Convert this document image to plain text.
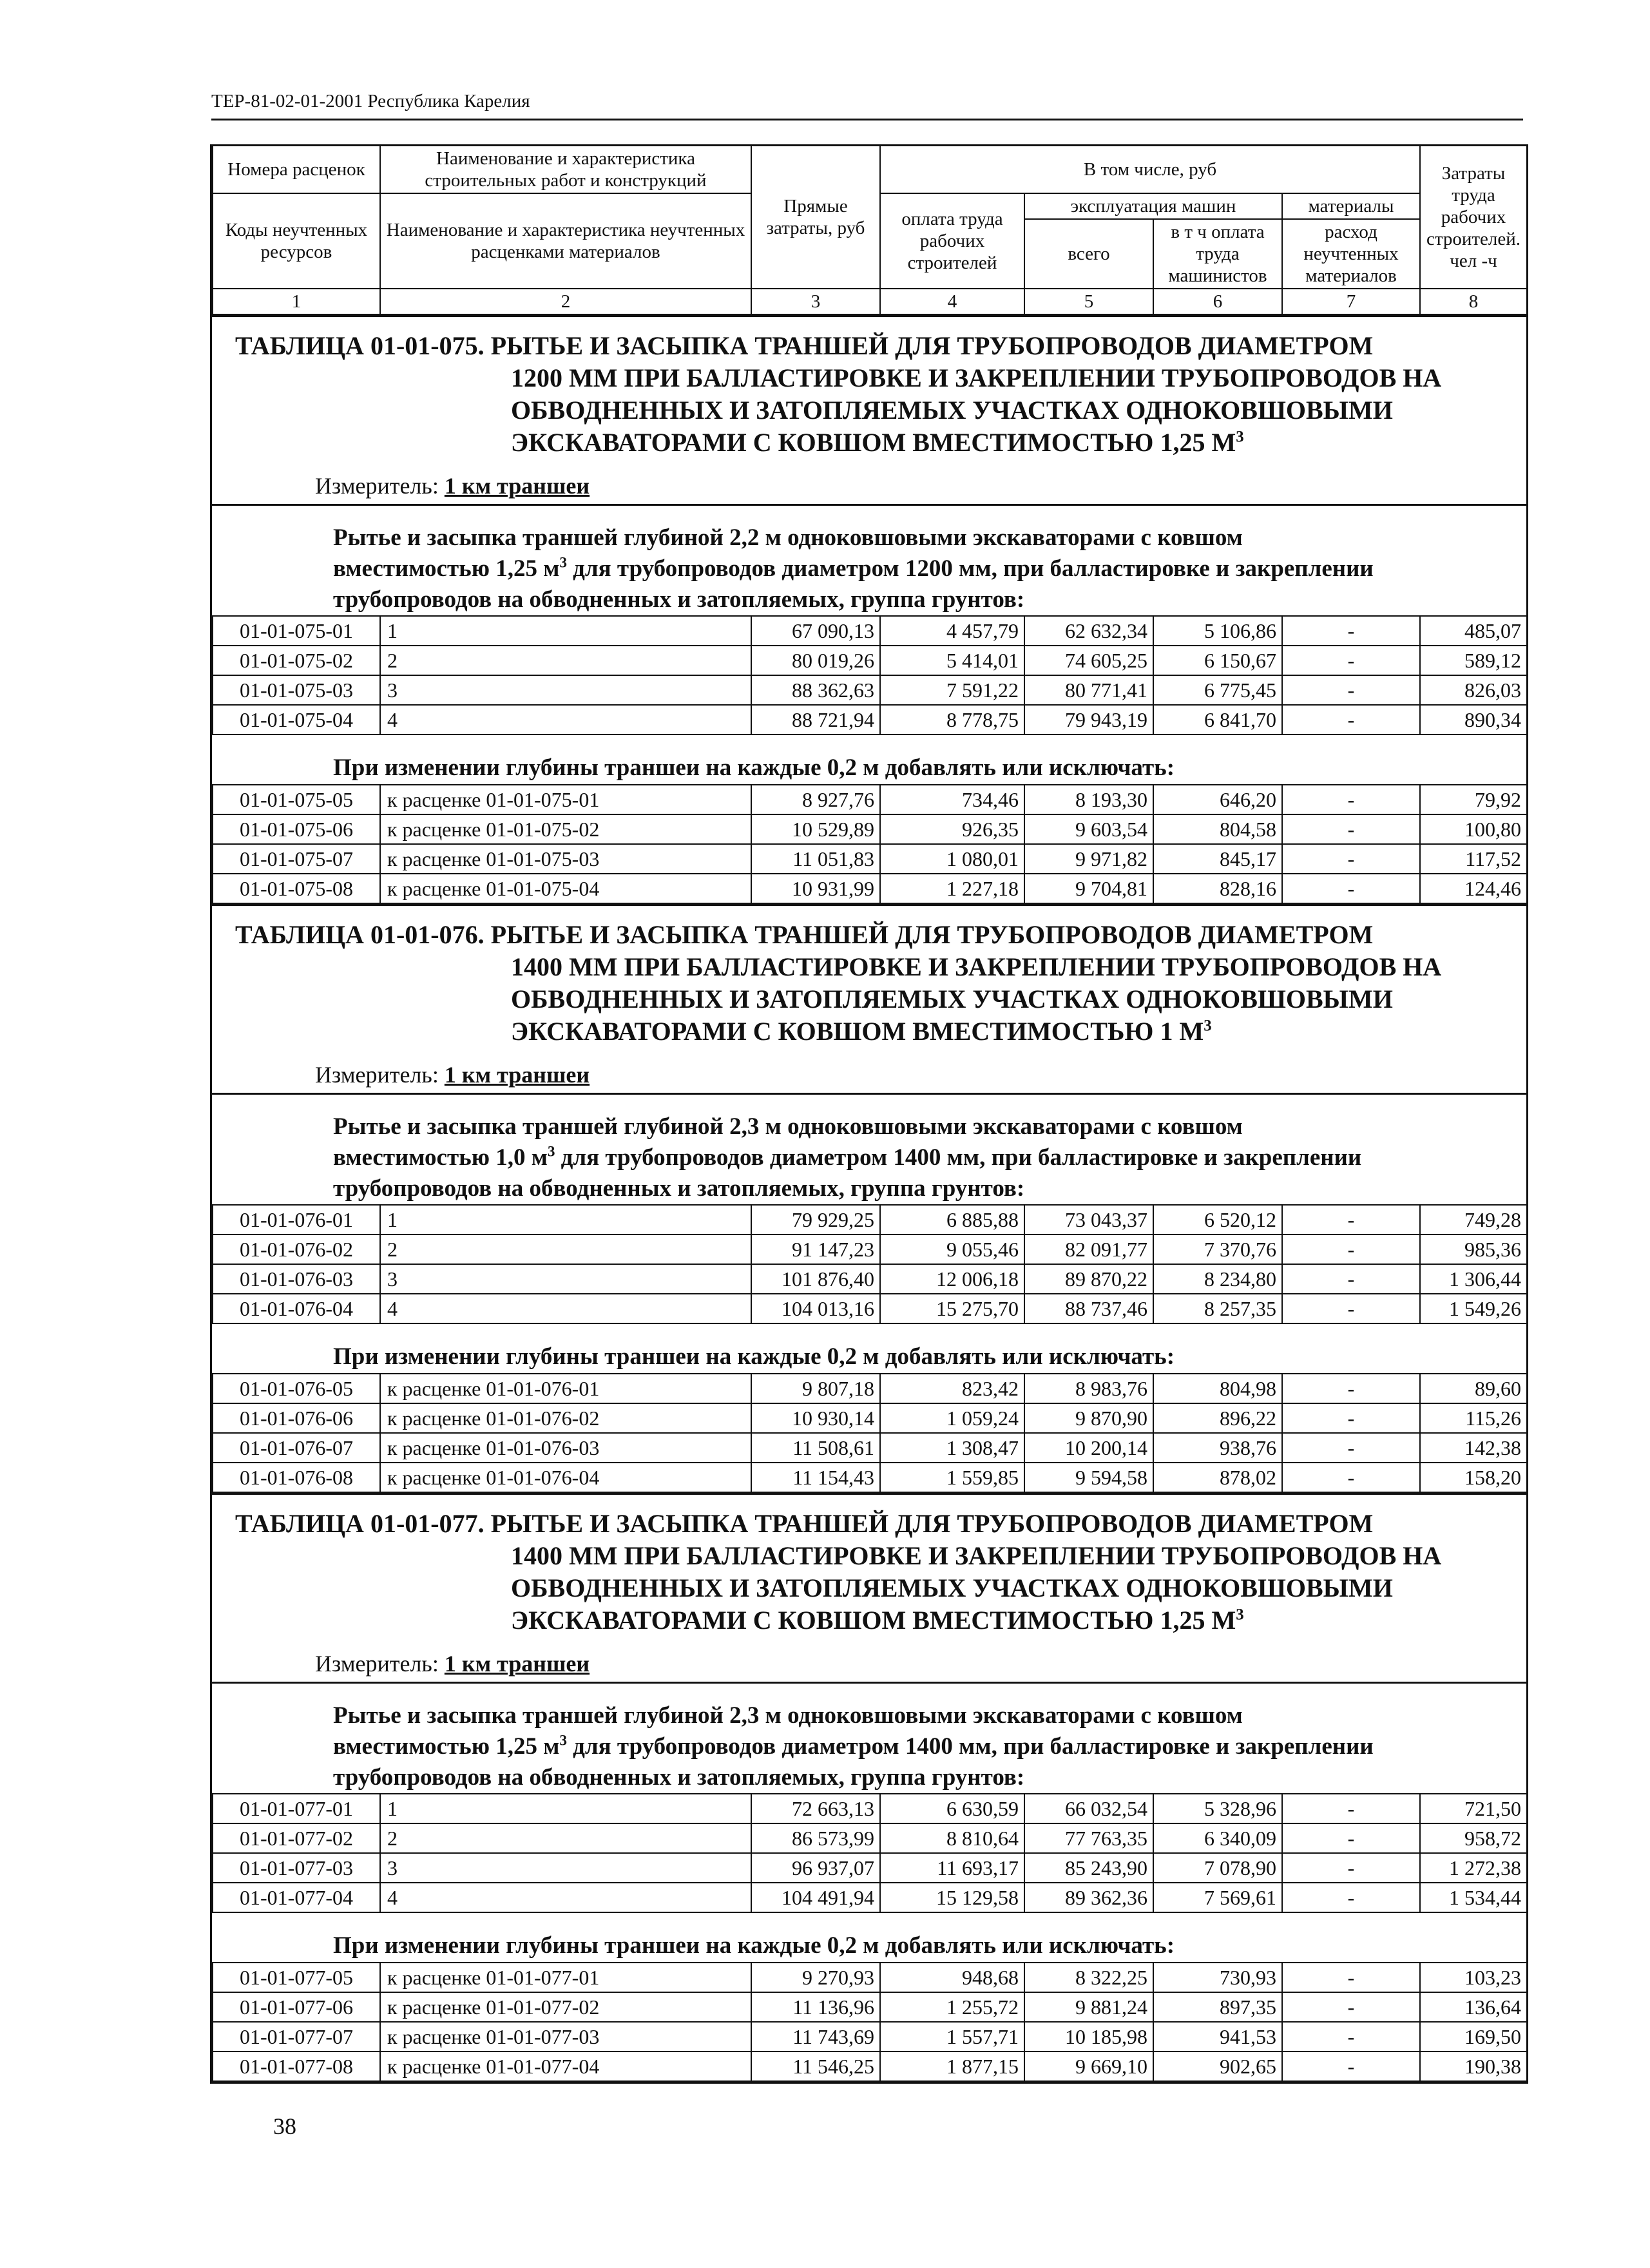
ТЕР-81-02-01-2001 Республика Карелия
Номера расценок	Наименование и характеристика строительных работ и конструкций	Прямые затраты, руб	В том числе, руб				Затраты труда рабочих строителей. чел -ч
Коды неучтенных ресурсов	Наименование и характеристика неучтенных расценками материалов		оплата труда рабочих строителей	эксплуатация машин		материалы	
				всего	в т ч оплата труда машинистов	расход неучтенных материалов	
1	2	3	4	5	6	7	8
ТАБЛИЦА 01-01-075. РЫТЬЕ И ЗАСЫПКА ТРАНШЕЙ ДЛЯ ТРУБОПРОВОДОВ ДИАМЕТРОМ
1200 ММ ПРИ БАЛЛАСТИРОВКЕ И ЗАКРЕПЛЕНИИ ТРУБОПРОВОДОВ НА
ОБВОДНЕННЫХ И ЗАТОПЛЯЕМЫХ УЧАСТКАХ ОДНОКОВШОВЫМИ
ЭКСКАВАТОРАМИ С КОВШОМ ВМЕСТИМОСТЬЮ 1,25 $М^3$
Измеритель: 1 км траншеи
Рытье и засыпка траншей глубиной 2,2 м одноковшовыми экскаваторами с ковшом
вместимостью 1,25 $м^3$ для трубопроводов диаметром 1200 мм, при балластировке и закреплении
трубопроводов на обводненных и затопляемых, группа грунтов:
01-01-075-01	1	67 090,13	4 457,79	62 632,34	5 106,86	-	485,07
01-01-075-02	2	80 019,26	5 414,01	74 605,25	6 150,67	-	589,12
01-01-075-03	3	88 362,63	7 591,22	80 771,41	6 775,45	-	826,03
01-01-075-04	4	88 721,94	8 778,75	79 943,19	6 841,70	-	890,34
При изменении глубины траншеи на каждые 0,2 м добавлять или исключать:
01-01-075-05	к расценке 01-01-075-01	8 927,76	734,46	8 193,30	646,20	-	79,92
01-01-075-06	к расценке 01-01-075-02	10 529,89	926,35	9 603,54	804,58	-	100,80
01-01-075-07	к расценке 01-01-075-03	11 051,83	1 080,01	9 971,82	845,17	-	117,52
01-01-075-08	к расценке 01-01-075-04	10 931,99	1 227,18	9 704,81	828,16	-	124,46
ТАБЛИЦА 01-01-076. РЫТЬЕ И ЗАСЫПКА ТРАНШЕЙ ДЛЯ ТРУБОПРОВОДОВ ДИАМЕТРОМ
1400 ММ ПРИ БАЛЛАСТИРОВКЕ И ЗАКРЕПЛЕНИИ ТРУБОПРОВОДОВ НА
ОБВОДНЕННЫХ И ЗАТОПЛЯЕМЫХ УЧАСТКАХ ОДНОКОВШОВЫМИ
ЭКСКАВАТОРАМИ С КОВШОМ ВМЕСТИМОСТЬЮ 1 $М^3$
Измеритель: 1 км траншеи
Рытье и засыпка траншей глубиной 2,3 м одноковшовыми экскаваторами с ковшом
вместимостью 1,0 $м^3$ для трубопроводов диаметром 1400 мм, при балластировке и закреплении
трубопроводов на обводненных и затопляемых, группа грунтов:
01-01-076-01	1	79 929,25	6 885,88	73 043,37	6 520,12	-	749,28
01-01-076-02	2	91 147,23	9 055,46	82 091,77	7 370,76	-	985,36
01-01-076-03	3	101 876,40	12 006,18	89 870,22	8 234,80	-	1 306,44
01-01-076-04	4	104 013,16	15 275,70	88 737,46	8 257,35	-	1 549,26
При изменении глубины траншеи на каждые 0,2 м добавлять или исключать:
01-01-076-05	к расценке 01-01-076-01	9 807,18	823,42	8 983,76	804,98	-	89,60
01-01-076-06	к расценке 01-01-076-02	10 930,14	1 059,24	9 870,90	896,22	-	115,26
01-01-076-07	к расценке 01-01-076-03	11 508,61	1 308,47	10 200,14	938,76	-	142,38
01-01-076-08	к расценке 01-01-076-04	11 154,43	1 559,85	9 594,58	878,02	-	158,20
ТАБЛИЦА 01-01-077. РЫТЬЕ И ЗАСЫПКА ТРАНШЕЙ ДЛЯ ТРУБОПРОВОДОВ ДИАМЕТРОМ
1400 ММ ПРИ БАЛЛАСТИРОВКЕ И ЗАКРЕПЛЕНИИ ТРУБОПРОВОДОВ НА
ОБВОДНЕННЫХ И ЗАТОПЛЯЕМЫХ УЧАСТКАХ ОДНОКОВШОВЫМИ
ЭКСКАВАТОРАМИ С КОВШОМ ВМЕСТИМОСТЬЮ 1,25 $М^3$
Измеритель: 1 км траншеи
Рытье и засыпка траншей глубиной 2,3 м одноковшовыми экскаваторами с ковшом
вместимостью 1,25 $м^3$ для трубопроводов диаметром 1400 мм, при балластировке и закреплении
трубопроводов на обводненных и затопляемых, группа грунтов:
01-01-077-01	1	72 663,13	6 630,59	66 032,54	5 328,96	-	721,50
01-01-077-02	2	86 573,99	8 810,64	77 763,35	6 340,09	-	958,72
01-01-077-03	3	96 937,07	11 693,17	85 243,90	7 078,90	-	1 272,38
01-01-077-04	4	104 491,94	15 129,58	89 362,36	7 569,61	-	1 534,44
При изменении глубины траншеи на каждые 0,2 м добавлять или исключать:
01-01-077-05	к расценке 01-01-077-01	9 270,93	948,68	8 322,25	730,93	-	103,23
01-01-077-06	к расценке 01-01-077-02	11 136,96	1 255,72	9 881,24	897,35	-	136,64
01-01-077-07	к расценке 01-01-077-03	11 743,69	1 557,71	10 185,98	941,53	-	169,50
01-01-077-08	к расценке 01-01-077-04	11 546,25	1 877,15	9 669,10	902,65	-	190,38
38
